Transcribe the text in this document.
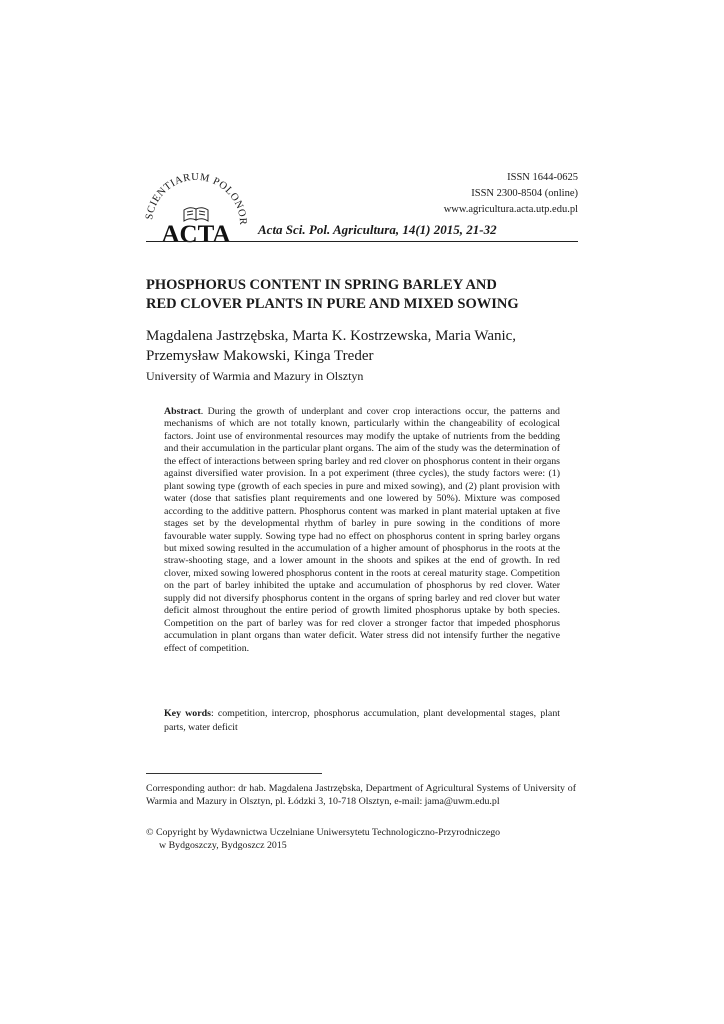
ISSN 1644-0625
ISSN 2300-8504 (online)
www.agricultura.acta.utp.edu.pl
SCIENTIARUM POLONOR
ACTA Acta Sci. Pol. Agricultura, 14(1) 2015, 21-32
PHOSPHORUS CONTENT IN SPRING BARLEY AND
RED CLOVER PLANTS IN PURE AND MIXED SOWING
Magdalena Jastrzębska, Marta K. Kostrzewska, Maria Wanic,
Przemysław Makowski, Kinga Treder
University of Warmia and Mazury in Olsztyn

Abstract. During the growth of underplant and cover crop interactions occur, the patterns and mechanisms of which are not totally known, particularly within the changeability of ecological factors. Joint use of environmental resources may modify the uptake of nutrients from the bedding and their accumulation in the particular plant organs. The aim of the study was the determination of the effect of interactions between spring barley and red clover on phosphorus content in their organs against diversified water provision. In a pot experiment (three cycles), the study factors were: (1) plant sowing type (growth of each species in pure and mixed sowing), and (2) plant provision with water (dose that satisfies plant requirements and one lowered by 50%). Mixture was composed according to the additive pattern. Phosphorus content was marked in plant material uptaken at five stages set by the developmental rhythm of barley in pure sowing in the conditions of more favourable water supply. Sowing type had no effect on phosphorus content in spring barley organs but mixed sowing resulted in the accumulation of a higher amount of phosphorus in the roots at the straw-shooting stage, and a lower amount in the shoots and spikes at the end of growth. In red clover, mixed sowing lowered phosphorus content in the roots at cereal maturity stage. Competition on the part of barley inhibited the uptake and accumulation of phosphorus by red clover. Water supply did not diversify phosphorus content in the organs of spring barley and red clover but water deficit almost throughout the entire period of growth limited phosphorus uptake by both species. Competition on the part of barley was for red clover a stronger factor that impeded phosphorus accumulation in plant organs than water deficit. Water stress did not intensify further the negative effect of competition.

Key words: competition, intercrop, phosphorus accumulation, plant developmental stages, plant parts, water deficit

Corresponding author: dr hab. Magdalena Jastrzębska, Department of Agricultural Systems of University of Warmia and Mazury in Olsztyn, pl. Łódzki 3, 10-718 Olsztyn, e-mail: jama@uwm.edu.pl

© Copyright by Wydawnictwa Uczelniane Uniwersytetu Technologiczno-Przyrodniczego
w Bydgoszczy, Bydgoszcz 2015
